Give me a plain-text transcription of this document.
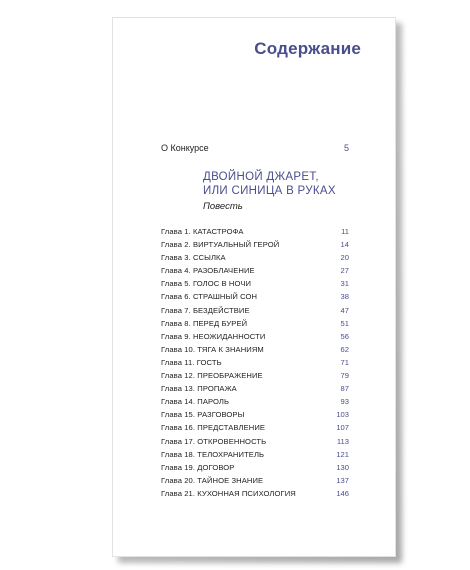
Содержание
О Конкурсе	5
ДВОЙНОЙ ДЖАРЕТ,
ИЛИ СИНИЦА В РУКАХ
Повесть
Глава 1. КАТАСТРОФА	11
Глава 2. ВИРТУАЛЬНЫЙ ГЕРОЙ	14
Глава 3. ССЫЛКА	20
Глава 4. РАЗОБЛАЧЕНИЕ	27
Глава 5. ГОЛОС В НОЧИ	31
Глава 6. СТРАШНЫЙ СОН	38
Глава 7. БЕЗДЕЙСТВИЕ	47
Глава 8. ПЕРЕД БУРЕЙ	51
Глава 9. НЕОЖИДАННОСТИ	56
Глава 10. ТЯГА К ЗНАНИЯМ	62
Глава 11. ГОСТЬ	71
Глава 12. ПРЕОБРАЖЕНИЕ	79
Глава 13. ПРОПАЖА	87
Глава 14. ПАРОЛЬ	93
Глава 15. РАЗГОВОРЫ	103
Глава 16. ПРЕДСТАВЛЕНИЕ	107
Глава 17. ОТКРОВЕННОСТЬ	113
Глава 18. ТЕЛОХРАНИТЕЛЬ	121
Глава 19. ДОГОВОР	130
Глава 20. ТАЙНОЕ ЗНАНИЕ	137
Глава 21. КУХОННАЯ ПСИХОЛОГИЯ	146
